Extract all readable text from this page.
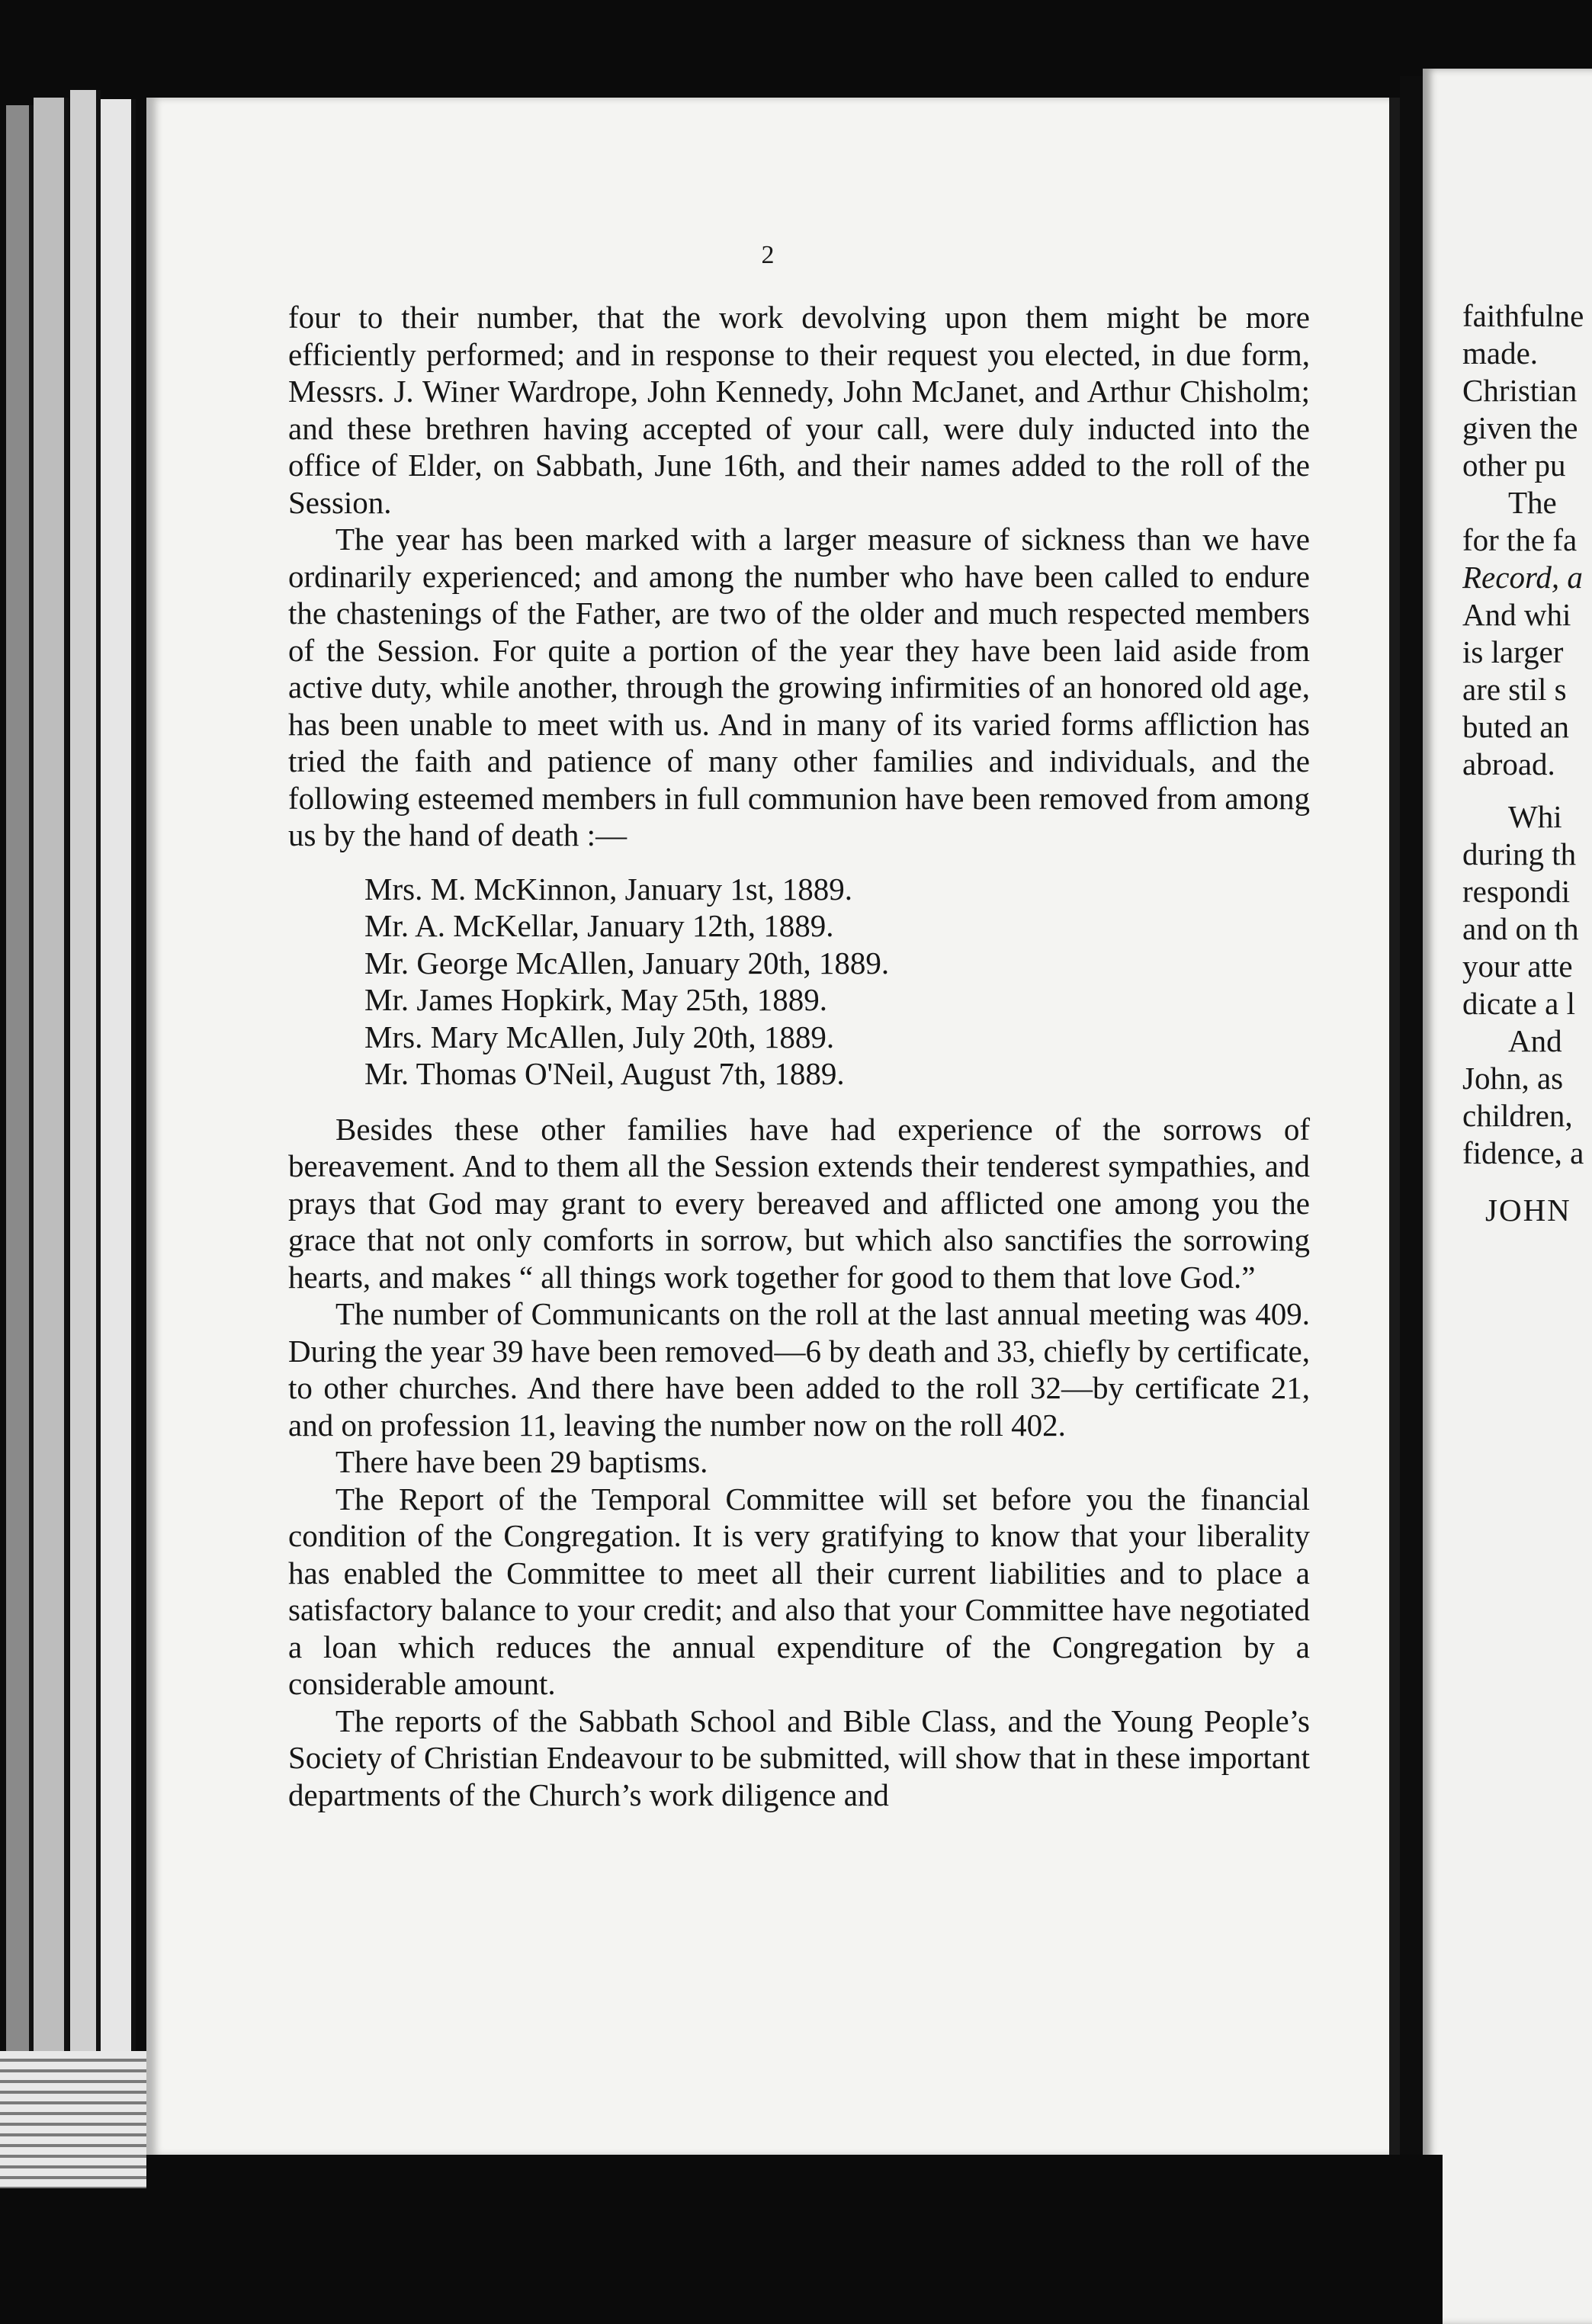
2

four to their number, that the work devolving upon them might be more efficiently performed; and in response to their request you elected, in due form, Messrs. J. Winer Wardrope, John Kennedy, John McJanet, and Arthur Chisholm; and these brethren having accepted of your call, were duly inducted into the office of Elder, on Sabbath, June 16th, and their names added to the roll of the Session.

The year has been marked with a larger measure of sickness than we have ordinarily experienced; and among the number who have been called to endure the chastenings of the Father, are two of the older and much respected members of the Session. For quite a portion of the year they have been laid aside from active duty, while another, through the growing infirmities of an honored old age, has been unable to meet with us. And in many of its varied forms affliction has tried the faith and patience of many other families and individuals, and the following esteemed members in full communion have been removed from among us by the hand of death :—

Mrs. M. McKinnon, January 1st, 1889.
Mr. A. McKellar, January 12th, 1889.
Mr. George McAllen, January 20th, 1889.
Mr. James Hopkirk, May 25th, 1889.
Mrs. Mary McAllen, July 20th, 1889.
Mr. Thomas O'Neil, August 7th, 1889.

Besides these other families have had experience of the sorrows of bereavement. And to them all the Session extends their tenderest sympathies, and prays that God may grant to every bereaved and afflicted one among you the grace that not only comforts in sorrow, but which also sanctifies the sorrowing hearts, and makes “ all things work together for good to them that love God.”

The number of Communicants on the roll at the last annual meeting was 409. During the year 39 have been removed—6 by death and 33, chiefly by certificate, to other churches. And there have been added to the roll 32—by certificate 21, and on profession 11, leaving the number now on the roll 402.

There have been 29 baptisms.

The Report of the Temporal Committee will set before you the financial condition of the Congregation. It is very gratifying to know that your liberality has enabled the Committee to meet all their current liabilities and to place a satisfactory balance to your credit; and also that your Committee have negotiated a loan which reduces the annual expenditure of the Congregation by a considerable amount.

The reports of the Sabbath School and Bible Class, and the Young People’s Society of Christian Endeavour to be submitted, will show that in these important departments of the Church’s work diligence and

faithfulne
made.
Christian
given the
other pu
The
for the fa
Record, a
And whi
is larger
are stil s
buted an
abroad.
Whi
during th
respondi
and on th
your atte
dicate a l
And
John, as
children,
fidence, a
JOHN
